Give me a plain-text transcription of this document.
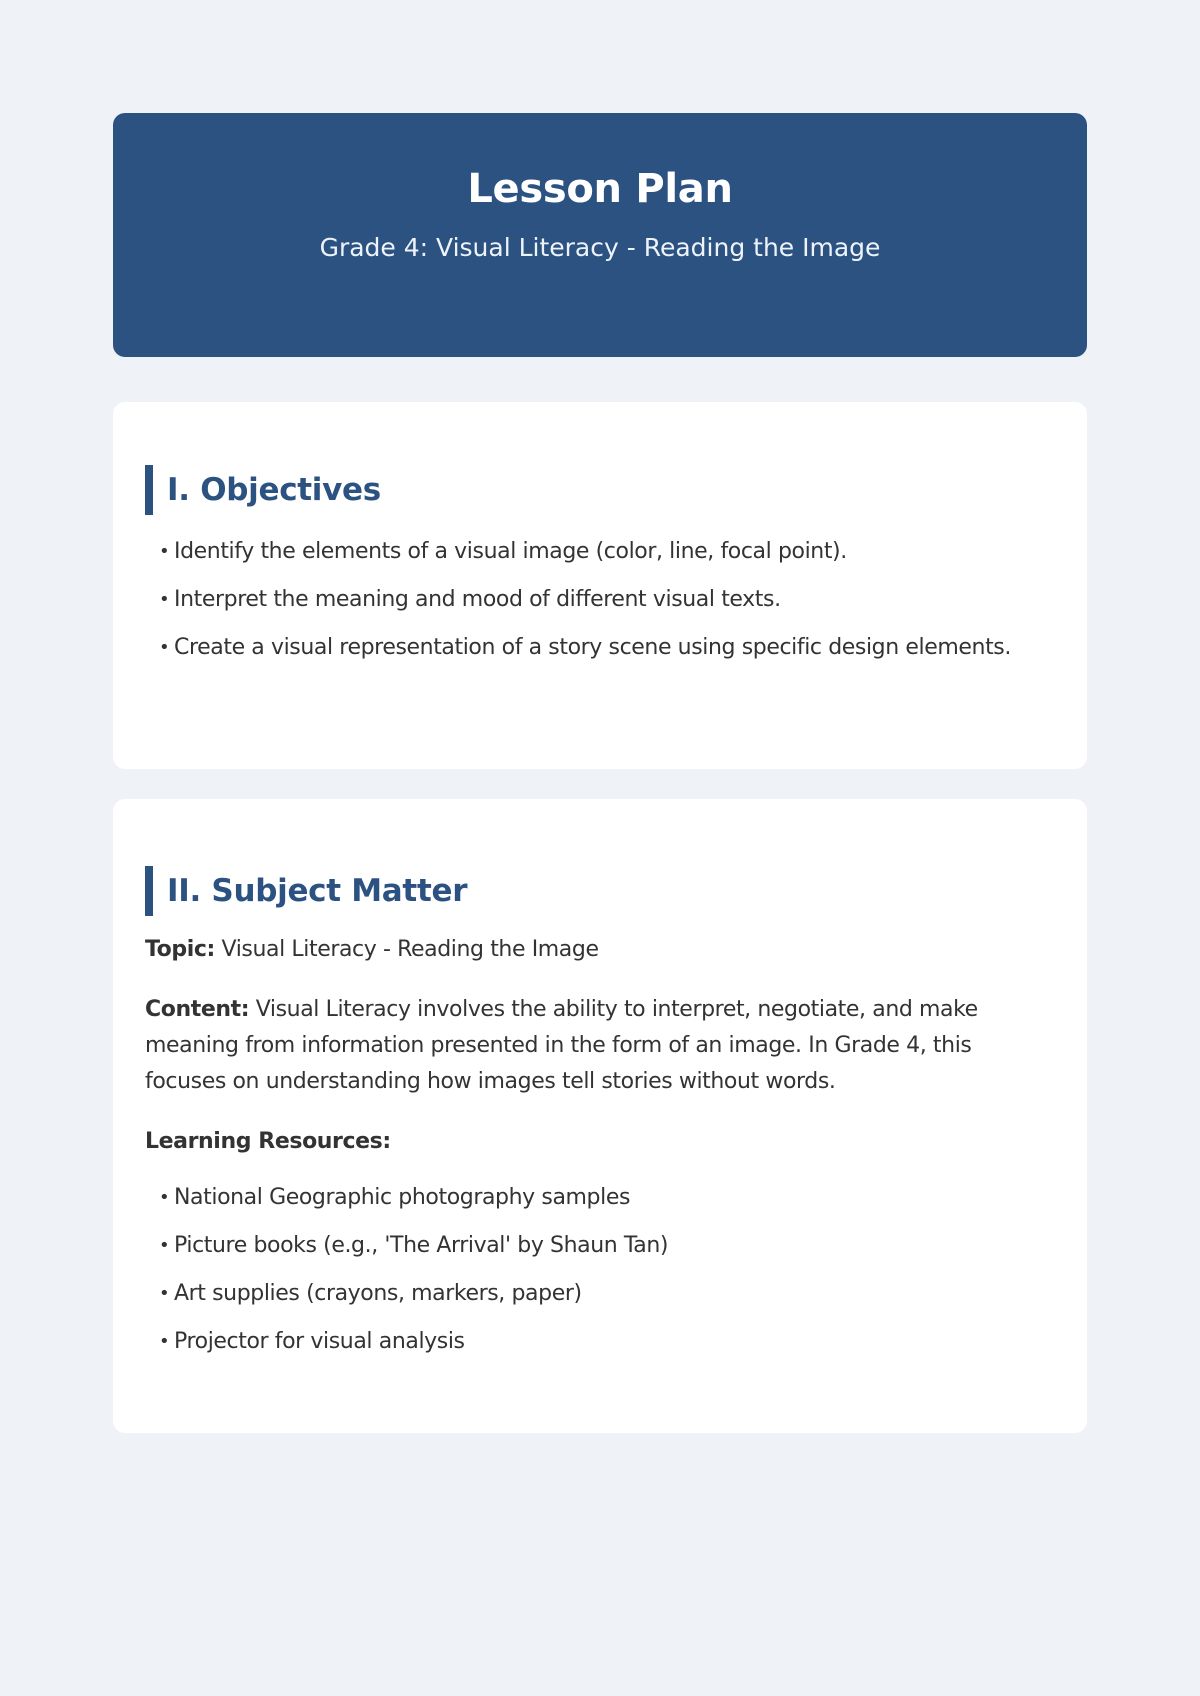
Lesson Plan
Grade 4: Visual Literacy - Reading the Image
I. Objectives
• Identify the elements of a visual image (color, line, focal point).
• Interpret the meaning and mood of different visual texts.
• Create a visual representation of a story scene using specific design elements.
II. Subject Matter

Topic: Visual Literacy - Reading the Image

Content: Visual Literacy involves the ability to interpret, negotiate, and make meaning from information presented in the form of an image. In Grade 4, this focuses on understanding how images tell stories without words.

Learning Resources:

• National Geographic photography samples
• Picture books (e.g., 'The Arrival' by Shaun Tan)
• Art supplies (crayons, markers, paper)
• Projector for visual analysis
